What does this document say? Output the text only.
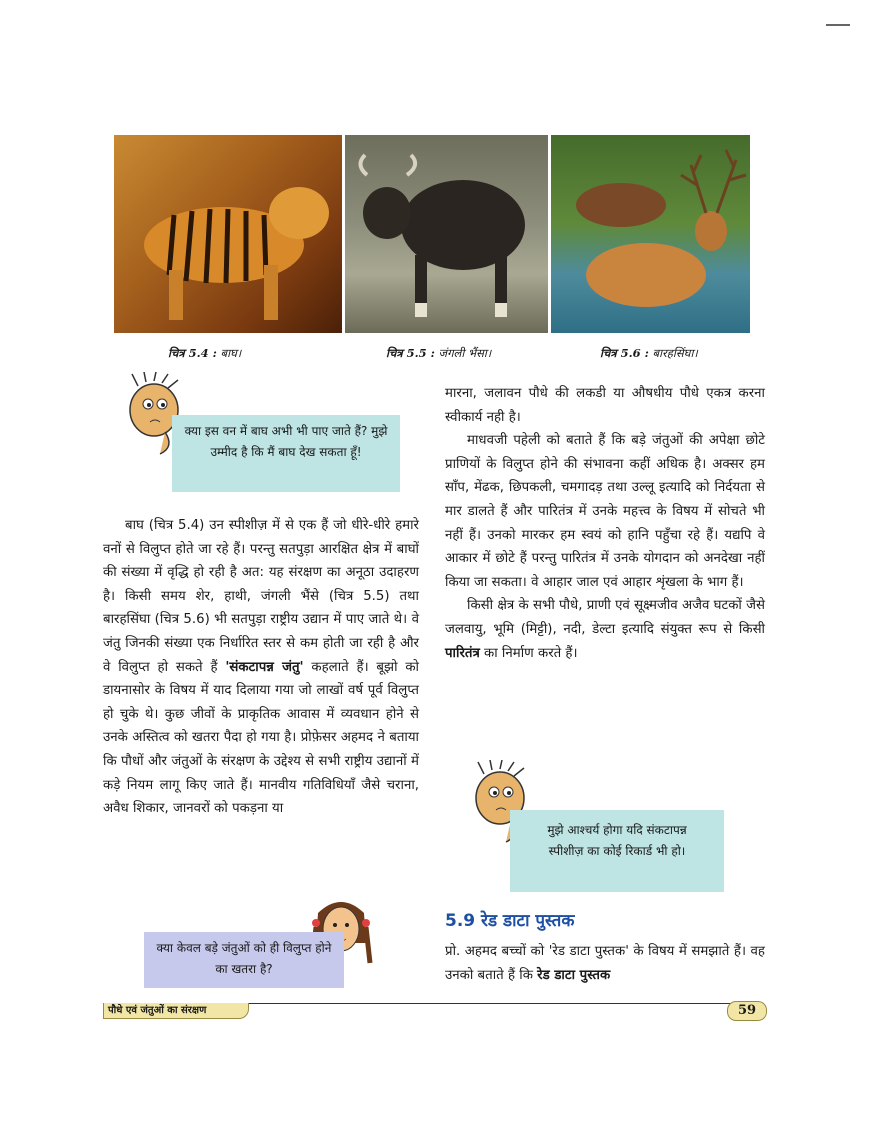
चित्र 5.4 : बाघ।	चित्र 5.5 : जंगली भैंसा।	चित्र 5.6 : बारहसिंघा।
क्या इस वन में बाघ अभी भी पाए जाते हैं? मुझे उम्मीद है कि मैं बाघ देख सकता हूँ!

बाघ (चित्र 5.4) उन स्पीशीज़ में से एक हैं जो धीरे-धीरे हमारे वनों से विलुप्त होते जा रहे हैं। परन्तु सतपुड़ा आरक्षित क्षेत्र में बाघों की संख्या में वृद्धि हो रही है अत: यह संरक्षण का अनूठा उदाहरण है। किसी समय शेर, हाथी, जंगली भैंसे (चित्र 5.5) तथा बारहसिंघा (चित्र 5.6) भी सतपुड़ा राष्ट्रीय उद्यान में पाए जाते थे। वे जंतु जिनकी संख्या एक निर्धारित स्तर से कम होती जा रही है और वे विलुप्त हो सकते हैं 'संकटापन्न जंतु' कहलाते हैं। बूझो को डायनासोर के विषय में याद दिलाया गया जो लाखों वर्ष पूर्व विलुप्त हो चुके थे। कुछ जीवों के प्राकृतिक आवास में व्यवधान होने से उनके अस्तित्व को खतरा पैदा हो गया है। प्रोफ़ेसर अहमद ने बताया कि पौधों और जंतुओं के संरक्षण के उद्देश्य से सभी राष्ट्रीय उद्यानों में कड़े नियम लागू किए जाते हैं। मानवीय गतिविधियाँ जैसे चराना, अवैध शिकार, जानवरों को पकड़ना या

मारना, जलावन पौधे की लकडी या औषधीय पौधे एकत्र करना स्वीकार्य नही है।

माधवजी पहेली को बताते हैं कि बड़े जंतुओं की अपेक्षा छोटे प्राणियों के विलुप्त होने की संभावना कहीं अधिक है। अक्सर हम साँप, मेंढक, छिपकली, चमगादड़ तथा उल्लू इत्यादि को निर्दयता से मार डालते हैं और पारितंत्र में उनके महत्त्व के विषय में सोचते भी नहीं हैं। उनको मारकर हम स्वयं को हानि पहुँचा रहे हैं। यद्यपि वे आकार में छोटे हैं परन्तु पारितंत्र में उनके योगदान को अनदेखा नहीं किया जा सकता। वे आहार जाल एवं आहार शृंखला के भाग हैं।

किसी क्षेत्र के सभी पौधे, प्राणी एवं सूक्ष्मजीव अजैव घटकों जैसे जलवायु, भूमि (मिट्टी), नदी, डेल्टा इत्यादि संयुक्त रूप से किसी पारितंत्र का निर्माण करते हैं।

मुझे आश्चर्य होगा यदि संकटापन्न स्पीशीज़ का कोई रिकार्ड भी हो।
5.9 रेड डाटा पुस्तक

प्रो. अहमद बच्चों को 'रेड डाटा पुस्तक' के विषय में समझाते हैं। वह उनको बताते हैं कि रेड डाटा पुस्तक

क्या केवल बड़े जंतुओं को ही विलुप्त होने का खतरा है?
पौधे एवं जंतुओं का संरक्षण	59
